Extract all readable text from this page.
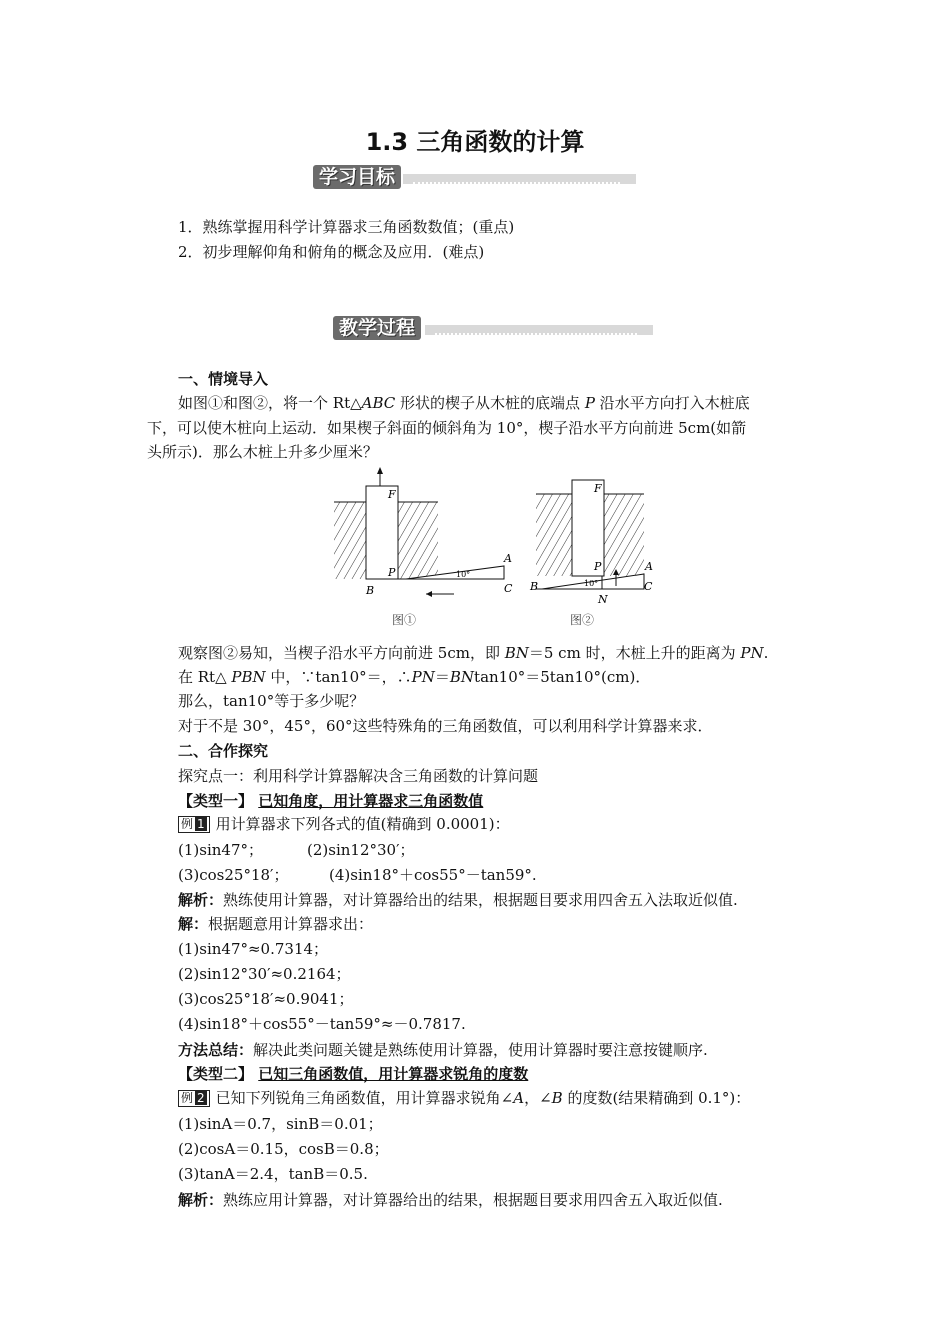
1.3 三角函数的计算
学习目标
1．熟练掌握用科学计算器求三角函数数值；(重点)
2．初步理解仰角和俯角的概念及应用．(难点)
教学过程
一、情境导入
如图①和图②，将一个 Rt△ABC 形状的楔子从木桩的底端点 P 沿水平方向打入木桩底
下，可以使木桩向上运动．如果楔子斜面的倾斜角为 10°，楔子沿水平方向前进 5cm(如箭
头所示)．那么木桩上升多少厘米？
F
P	10°
A
C
B
图①
F
P
10°
A
C
B
N
图②
观察图②易知，当楔子沿水平方向前进 5cm，即 BN＝5 cm 时，木桩上升的距离为 PN.
在 Rt△ PBN 中，∵tan10°＝，∴PN＝BNtan10°＝5tan10°(cm)．
那么，tan10°等于多少呢？
对于不是 30°，45°，60°这些特殊角的三角函数值，可以利用科学计算器来求．
二、合作探究
探究点一：利用科学计算器解决含三角函数的计算问题
【类型一】 已知角度，用计算器求三角函数值
例 1 用计算器求下列各式的值(精确到 0.0001)：
(1)sin47°；	(2)sin12°30′；
(3)cos25°18′；	(4)sin18°＋cos55°－tan59°.
解析：熟练使用计算器，对计算器给出的结果，根据题目要求用四舍五入法取近似值.
解：根据题意用计算器求出：
(1)sin47°≈0.7314；
(2)sin12°30′≈0.2164；
(3)cos25°18′≈0.9041；
(4)sin18°＋cos55°－tan59°≈－0.7817.
方法总结：解决此类问题关键是熟练使用计算器，使用计算器时要注意按键顺序.
【类型二】 已知三角函数值，用计算器求锐角的度数
例 2 已知下列锐角三角函数值，用计算器求锐角∠A，∠B 的度数(结果精确到 0.1°)：
(1)sinA＝0.7，sinB＝0.01；
(2)cosA＝0.15，cosB＝0.8；
(3)tanA＝2.4，tanB＝0.5.
解析：熟练应用计算器，对计算器给出的结果，根据题目要求用四舍五入取近似值.
